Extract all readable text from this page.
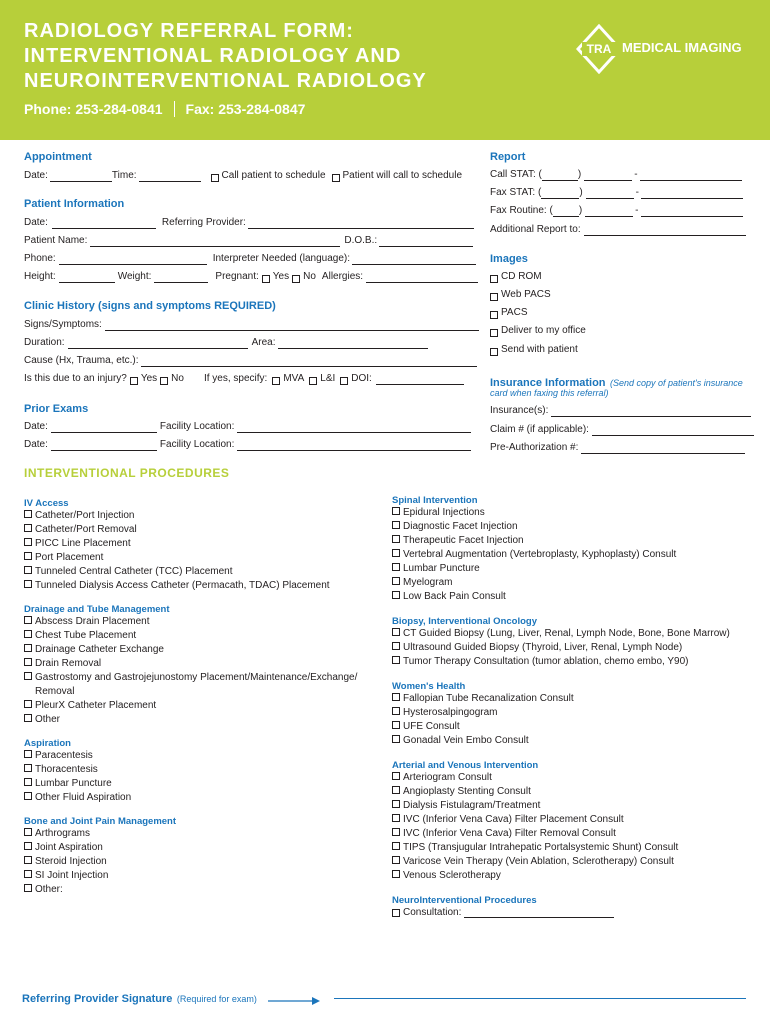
RADIOLOGY REFERRAL FORM:
INTERVENTIONAL RADIOLOGY AND
NEUROINTERVENTIONAL RADIOLOGY
Phone: 253-284-0841 Fax: 253-284-0847
TRA MEDICAL IMAGING
Appointment
Date:	Time:	Call patient to schedule Patient will call to schedule
Patient Information
Date:	Referring Provider:
Patient Name:	D.O.B.:
Phone:	Interpreter Needed (language):
Height:	Weight:	Pregnant: Yes No Allergies:
Clinic History (signs and symptoms REQUIRED)
Signs/Symptoms:
Duration:	Area:
Cause (Hx, Trauma, etc.):
Is this due to an injury? Yes No If yes, specify: MVA L&I DOI:
Prior Exams
Date:	Facility Location:
Date:	Facility Location:
Report
Call STAT: (	)	-
Fax STAT: (	)	-
Fax Routine: (	)	-
Additional Report to:
Images
CD ROM
Web PACS
PACS
Deliver to my office
Send with patient
Insurance Information (Send copy of patient's insurance
card when faxing this referral)
Insurance(s):
Claim # (if applicable):
Pre-Authorization #:
INTERVENTIONAL PROCEDURES
IV Access
Catheter/Port Injection
Catheter/Port Removal
PICC Line Placement
Port Placement
Tunneled Central Catheter (TCC) Placement
Tunneled Dialysis Access Catheter (Permacath, TDAC) Placement
Drainage and Tube Management
Abscess Drain Placement
Chest Tube Placement
Drainage Catheter Exchange
Drain Removal
Gastrostomy and Gastrojejunostomy Placement/Maintenance/Exchange/
Removal
PleurX Catheter Placement
Other
Aspiration
Paracentesis
Thoracentesis
Lumbar Puncture
Other Fluid Aspiration
Bone and Joint Pain Management
Arthrograms
Joint Aspiration
Steroid Injection
SI Joint Injection
Other:
Spinal Intervention
Epidural Injections
Diagnostic Facet Injection
Therapeutic Facet Injection
Vertebral Augmentation (Vertebroplasty, Kyphoplasty) Consult
Lumbar Puncture
Myelogram
Low Back Pain Consult
Biopsy, Interventional Oncology
CT Guided Biopsy (Lung, Liver, Renal, Lymph Node, Bone, Bone Marrow)
Ultrasound Guided Biopsy (Thyroid, Liver, Renal, Lymph Node)
Tumor Therapy Consultation (tumor ablation, chemo embo, Y90)
Women's Health
Fallopian Tube Recanalization Consult
Hysterosalpingogram
UFE Consult
Gonadal Vein Embo Consult
Arterial and Venous Intervention
Arteriogram Consult
Angioplasty Stenting Consult
Dialysis Fistulagram/Treatment
IVC (Inferior Vena Cava) Filter Placement Consult
IVC (Inferior Vena Cava) Filter Removal Consult
TIPS (Transjugular Intrahepatic Portalsystemic Shunt) Consult
Varicose Vein Therapy (Vein Ablation, Sclerotherapy) Consult
Venous Sclerotherapy
NeuroInterventional Procedures
Consultation:
Referring Provider Signature (Required for exam)
